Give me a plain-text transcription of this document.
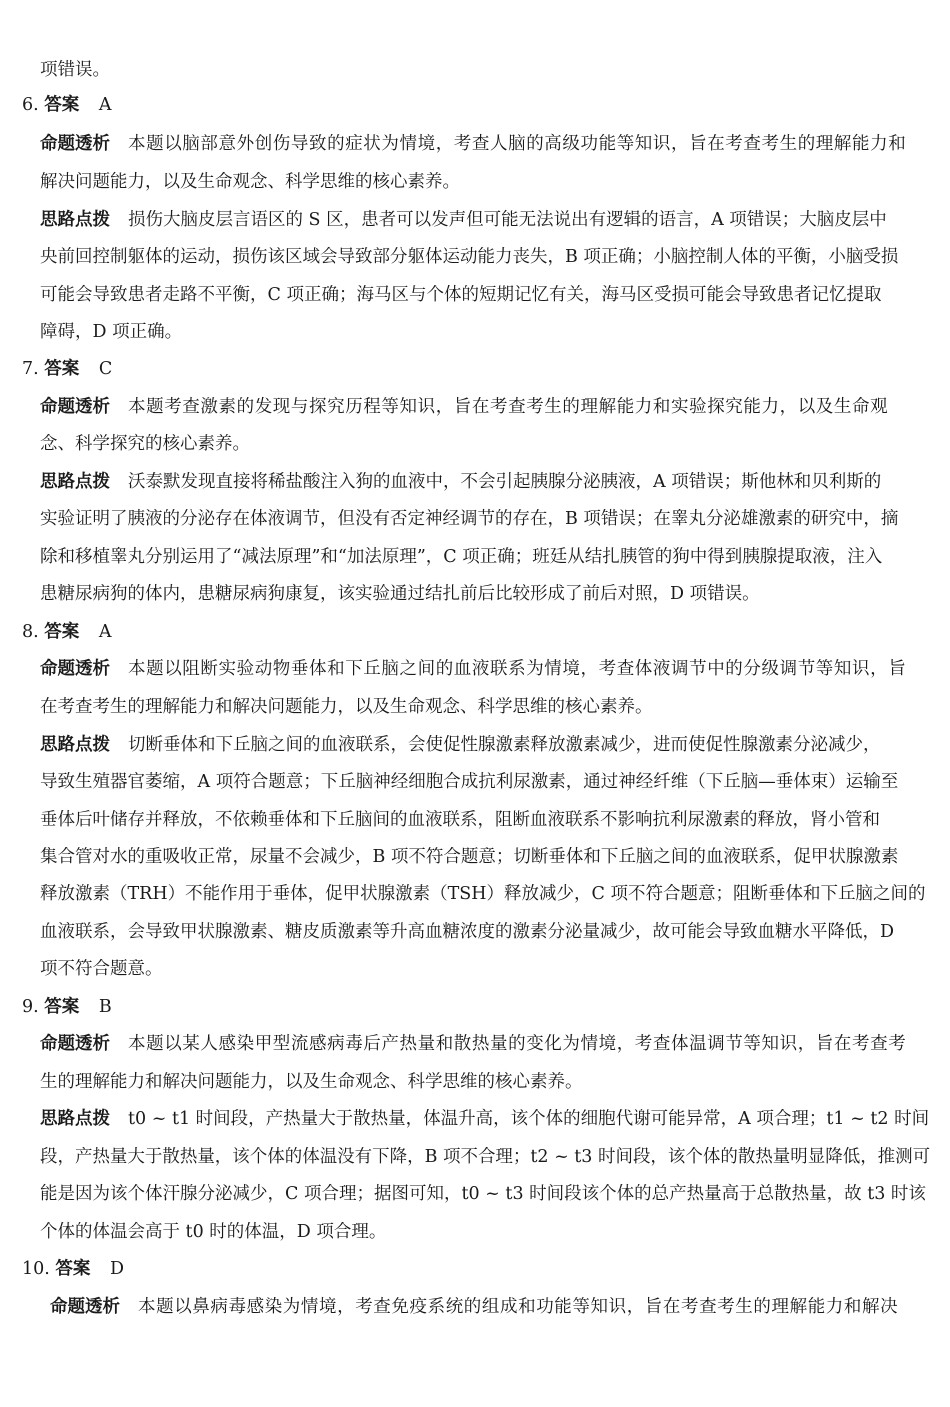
项错误。
6. 答案 A
命题透析 本题以脑部意外创伤导致的症状为情境，考查人脑的高级功能等知识，旨在考查考生的理解能力和
解决问题能力，以及生命观念、科学思维的核心素养。
思路点拨 损伤大脑皮层言语区的 S 区，患者可以发声但可能无法说出有逻辑的语言，A 项错误；大脑皮层中
央前回控制躯体的运动，损伤该区域会导致部分躯体运动能力丧失，B 项正确；小脑控制人体的平衡，小脑受损
可能会导致患者走路不平衡，C 项正确；海马区与个体的短期记忆有关，海马区受损可能会导致患者记忆提取
障碍，D 项正确。
7. 答案 C
命题透析 本题考查激素的发现与探究历程等知识，旨在考查考生的理解能力和实验探究能力，以及生命观
念、科学探究的核心素养。
思路点拨 沃泰默发现直接将稀盐酸注入狗的血液中，不会引起胰腺分泌胰液，A 项错误；斯他林和贝利斯的
实验证明了胰液的分泌存在体液调节，但没有否定神经调节的存在，B 项错误；在睾丸分泌雄激素的研究中，摘
除和移植睾丸分别运用了“减法原理”和“加法原理”，C 项正确；班廷从结扎胰管的狗中得到胰腺提取液，注入
患糖尿病狗的体内，患糖尿病狗康复，该实验通过结扎前后比较形成了前后对照，D 项错误。
8. 答案 A
命题透析 本题以阻断实验动物垂体和下丘脑之间的血液联系为情境，考查体液调节中的分级调节等知识，旨
在考查考生的理解能力和解决问题能力，以及生命观念、科学思维的核心素养。
思路点拨 切断垂体和下丘脑之间的血液联系，会使促性腺激素释放激素减少，进而使促性腺激素分泌减少，
导致生殖器官萎缩，A 项符合题意；下丘脑神经细胞合成抗利尿激素，通过神经纤维（下丘脑—垂体束）运输至
垂体后叶储存并释放，不依赖垂体和下丘脑间的血液联系，阻断血液联系不影响抗利尿激素的释放，肾小管和
集合管对水的重吸收正常，尿量不会减少，B 项不符合题意；切断垂体和下丘脑之间的血液联系，促甲状腺激素
释放激素（TRH）不能作用于垂体，促甲状腺激素（TSH）释放减少，C 项不符合题意；阻断垂体和下丘脑之间的
血液联系，会导致甲状腺激素、糖皮质激素等升高血糖浓度的激素分泌量减少，故可能会导致血糖水平降低，D
项不符合题意。
9. 答案 B
命题透析 本题以某人感染甲型流感病毒后产热量和散热量的变化为情境，考查体温调节等知识，旨在考查考
生的理解能力和解决问题能力，以及生命观念、科学思维的核心素养。
思路点拨 t0 ~ t1 时间段，产热量大于散热量，体温升高，该个体的细胞代谢可能异常，A 项合理；t1 ~ t2 时间
段，产热量大于散热量，该个体的体温没有下降，B 项不合理；t2 ~ t3 时间段，该个体的散热量明显降低，推测可
能是因为该个体汗腺分泌减少，C 项合理；据图可知，t0 ~ t3 时间段该个体的总产热量高于总散热量，故 t3 时该
个体的体温会高于 t0 时的体温，D 项合理。
10. 答案 D
命题透析 本题以鼻病毒感染为情境，考查免疫系统的组成和功能等知识，旨在考查考生的理解能力和解决
